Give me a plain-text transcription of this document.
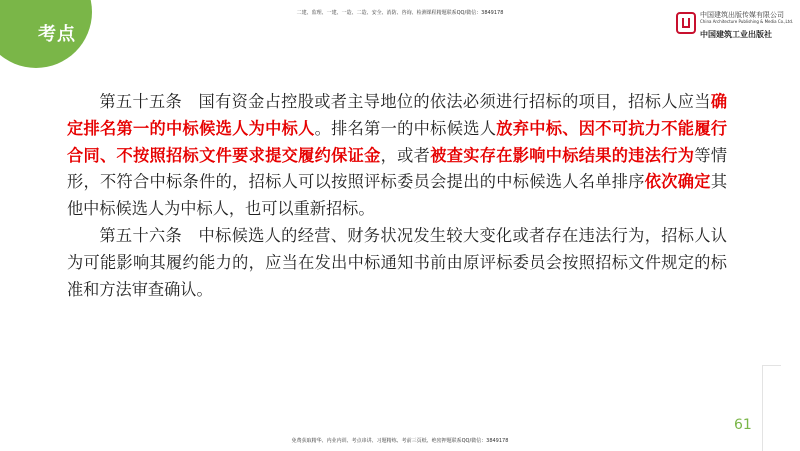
考点
二建、监理、一建、一造、二造、安全、消防、咨询、检测课程精题联系QQ/微信：3849178	中国建筑出版传媒有限公司
China Architecture Publishing & Media Co.,Ltd.
中国建筑工业出版社

第五十五条　国有资金占控股或者主导地位的依法必须进行招标的项目，招标人应当确定排名第一的中标候选人为中标人。排名第一的中标候选人放弃中标、因不可抗力不能履行合同、不按照招标文件要求提交履约保证金，或者被查实存在影响中标结果的违法行为等情形，不符合中标条件的，招标人可以按照评标委员会提出的中标候选人名单排序依次确定其他中标候选人为中标人，也可以重新招标。

第五十六条　中标候选人的经营、财务状况发生较大变化或者存在违法行为，招标人认为可能影响其履约能力的，应当在发出中标通知书前由原评标委员会按照招标文件规定的标准和方法审查确认。

61
免费获取精华、内业内训、考点串讲、习题精练、考前三页纸、绝密押题联系QQ/微信：3849178
